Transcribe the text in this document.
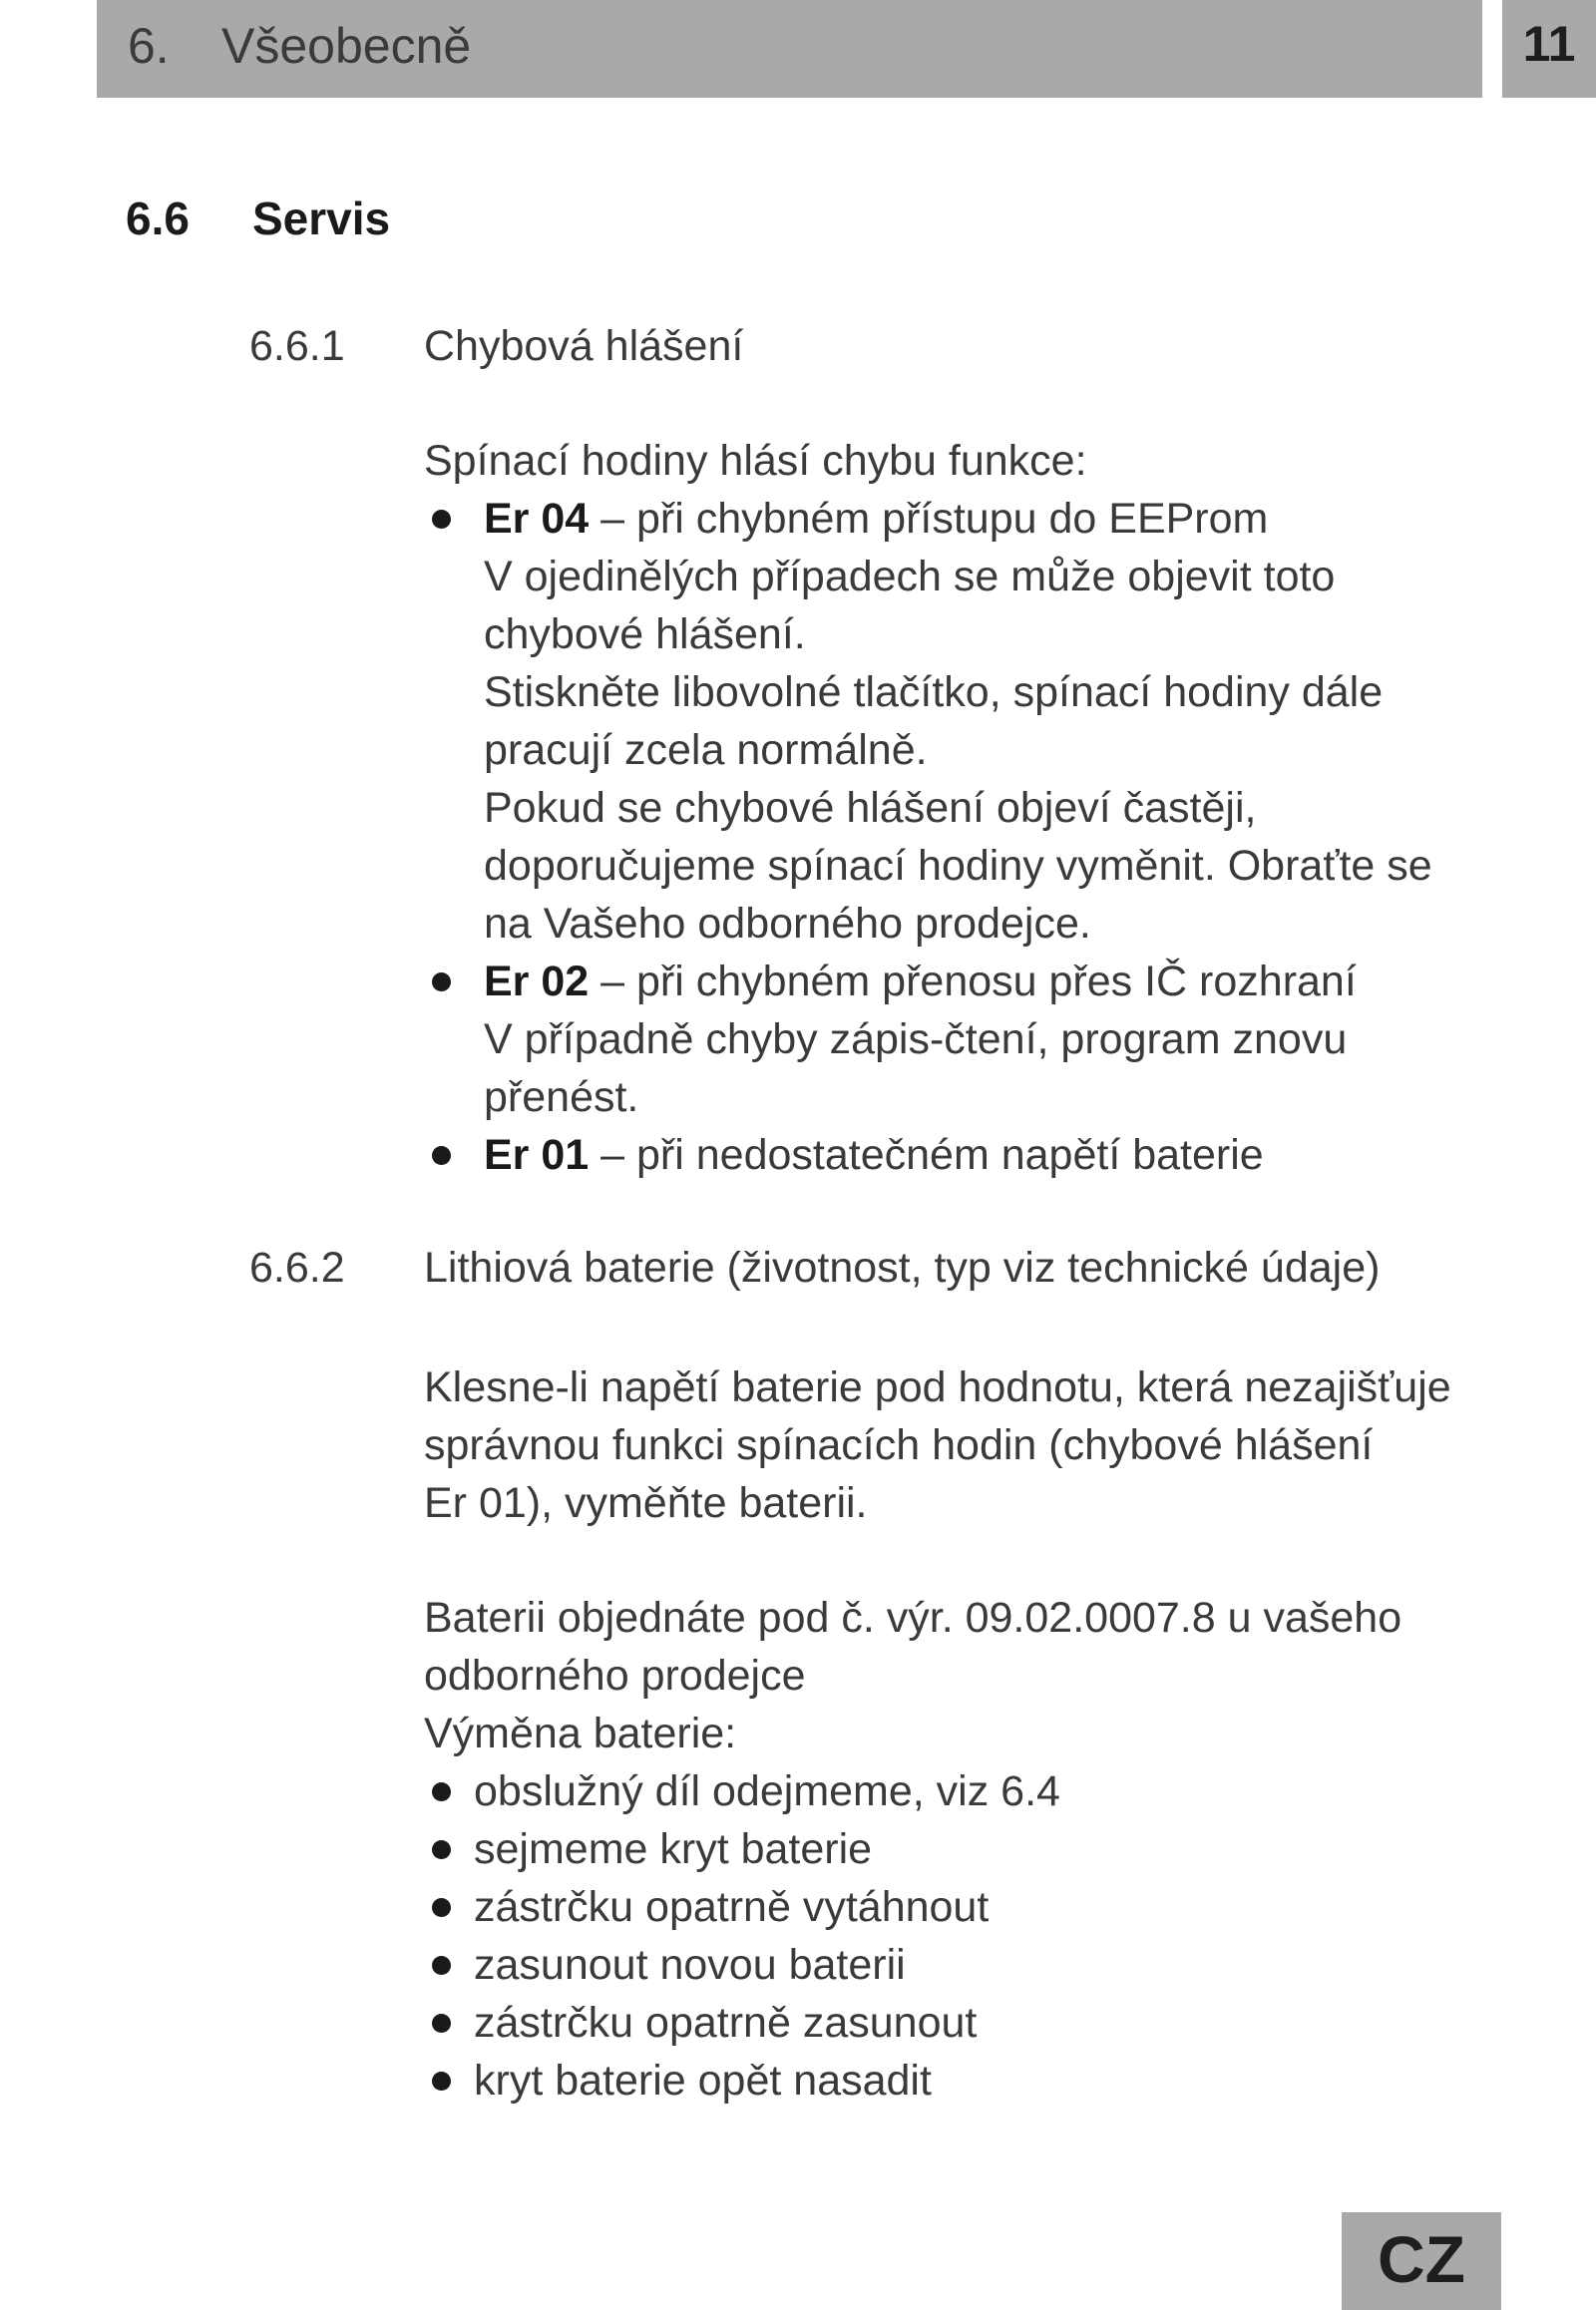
6. Všeobecně	11
6.6 Servis
6.6.1 Chybová hlášení
Spínací hodiny hlásí chybu funkce:
Er 04 – při chybném přístupu do EEProm
V ojedinělých případech se může objevit toto
chybové hlášení.
Stiskněte libovolné tlačítko, spínací hodiny dále
pracují zcela normálně.
Pokud se chybové hlášení objeví častěji,
doporučujeme spínací hodiny vyměnit. Obraťte se
na Vašeho odborného prodejce.
Er 02 – při chybném přenosu přes IČ rozhraní
V případně chyby zápis-čtení, program znovu
přenést.
Er 01 – při nedostatečném napětí baterie
6.6.2 Lithiová baterie (životnost, typ viz technické údaje)
Klesne-li napětí baterie pod hodnotu, která nezajišťuje
správnou funkci spínacích hodin (chybové hlášení
Er 01), vyměňte baterii.
Baterii objednáte pod č. výr. 09.02.0007.8 u vašeho
odborného prodejce
Výměna baterie:
obslužný díl odejmeme, viz 6.4
sejmeme kryt baterie
zástrčku opatrně vytáhnout
zasunout novou baterii
zástrčku opatrně zasunout
kryt baterie opět nasadit
CZ
